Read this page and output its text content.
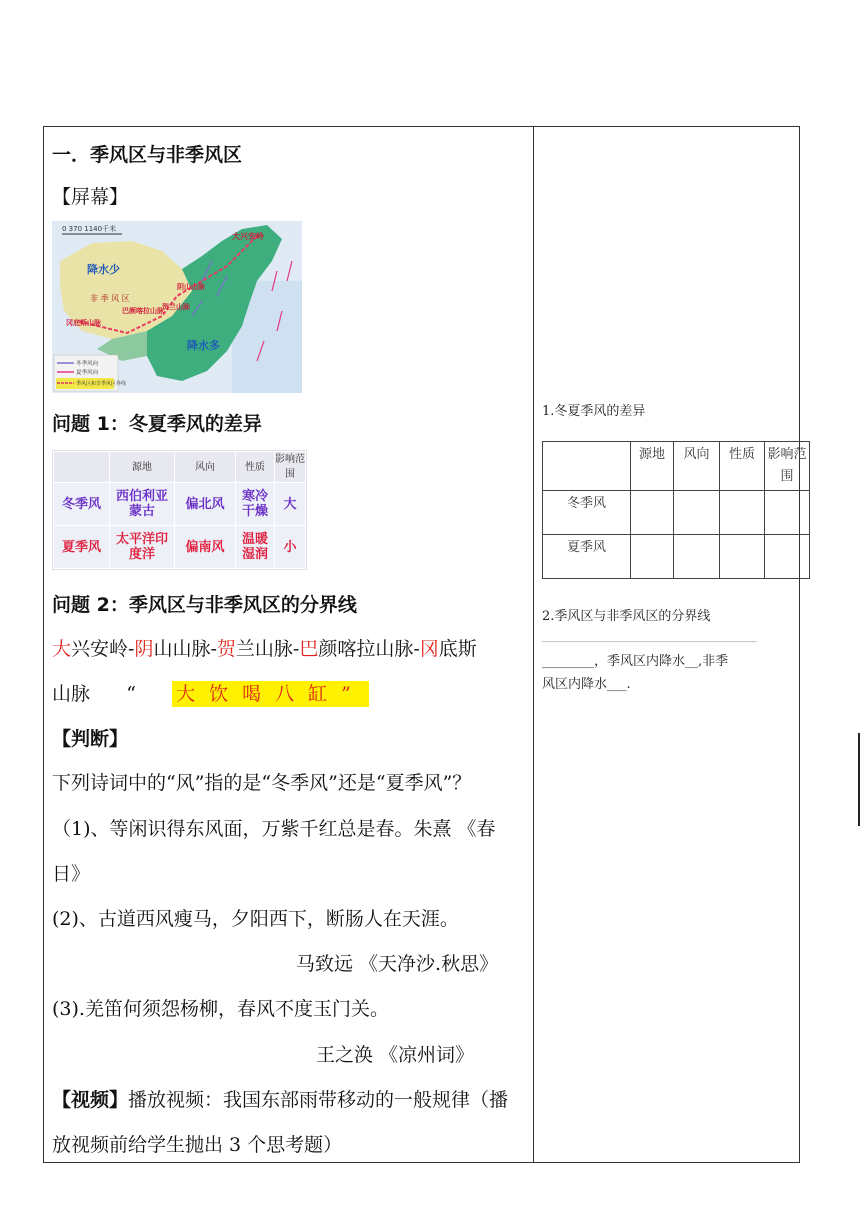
一．季风区与非季风区
【屏幕】
0 370 1140千米
降水少
非 季 风 区
降水多
大兴安岭
阴山山脉
贺兰山脉
巴颜喀拉山脉
冈底斯山脉
冬季风向
夏季风向
季风区和非季风区界线
问题 1：冬夏季风的差异
	源地	风向	性质	影响范围
冬季风	西伯利亚蒙古	偏北风	寒冷干燥	大
夏季风	太平洋印度洋	偏南风	温暖湿润	小
问题 2：季风区与非季风区的分界线
大兴安岭-阴山山脉-贺兰山脉-巴颜喀拉山脉-冈底斯
山脉 “ 大饮喝八缸”
【判断】
下列诗词中的“风”指的是“冬季风”还是“夏季风”？
（1)、等闲识得东风面，万紫千红总是春。朱熹 《春
日》
(2)、古道西风瘦马，夕阳西下，断肠人在天涯。
马致远 《天净沙.秋思》
(3).羌笛何须怨杨柳，春风不度玉门关。
王之涣 《凉州词》
【视频】播放视频：我国东部雨带移动的一般规律（播
放视频前给学生抛出 3 个思考题）
1.冬夏季风的差异
	源地	风向	性质	影响范围
冬季风				
夏季风				
2.季风区与非季风区的分界线
_________________________________
________，季风区内降水__,非季
风区内降水___.
